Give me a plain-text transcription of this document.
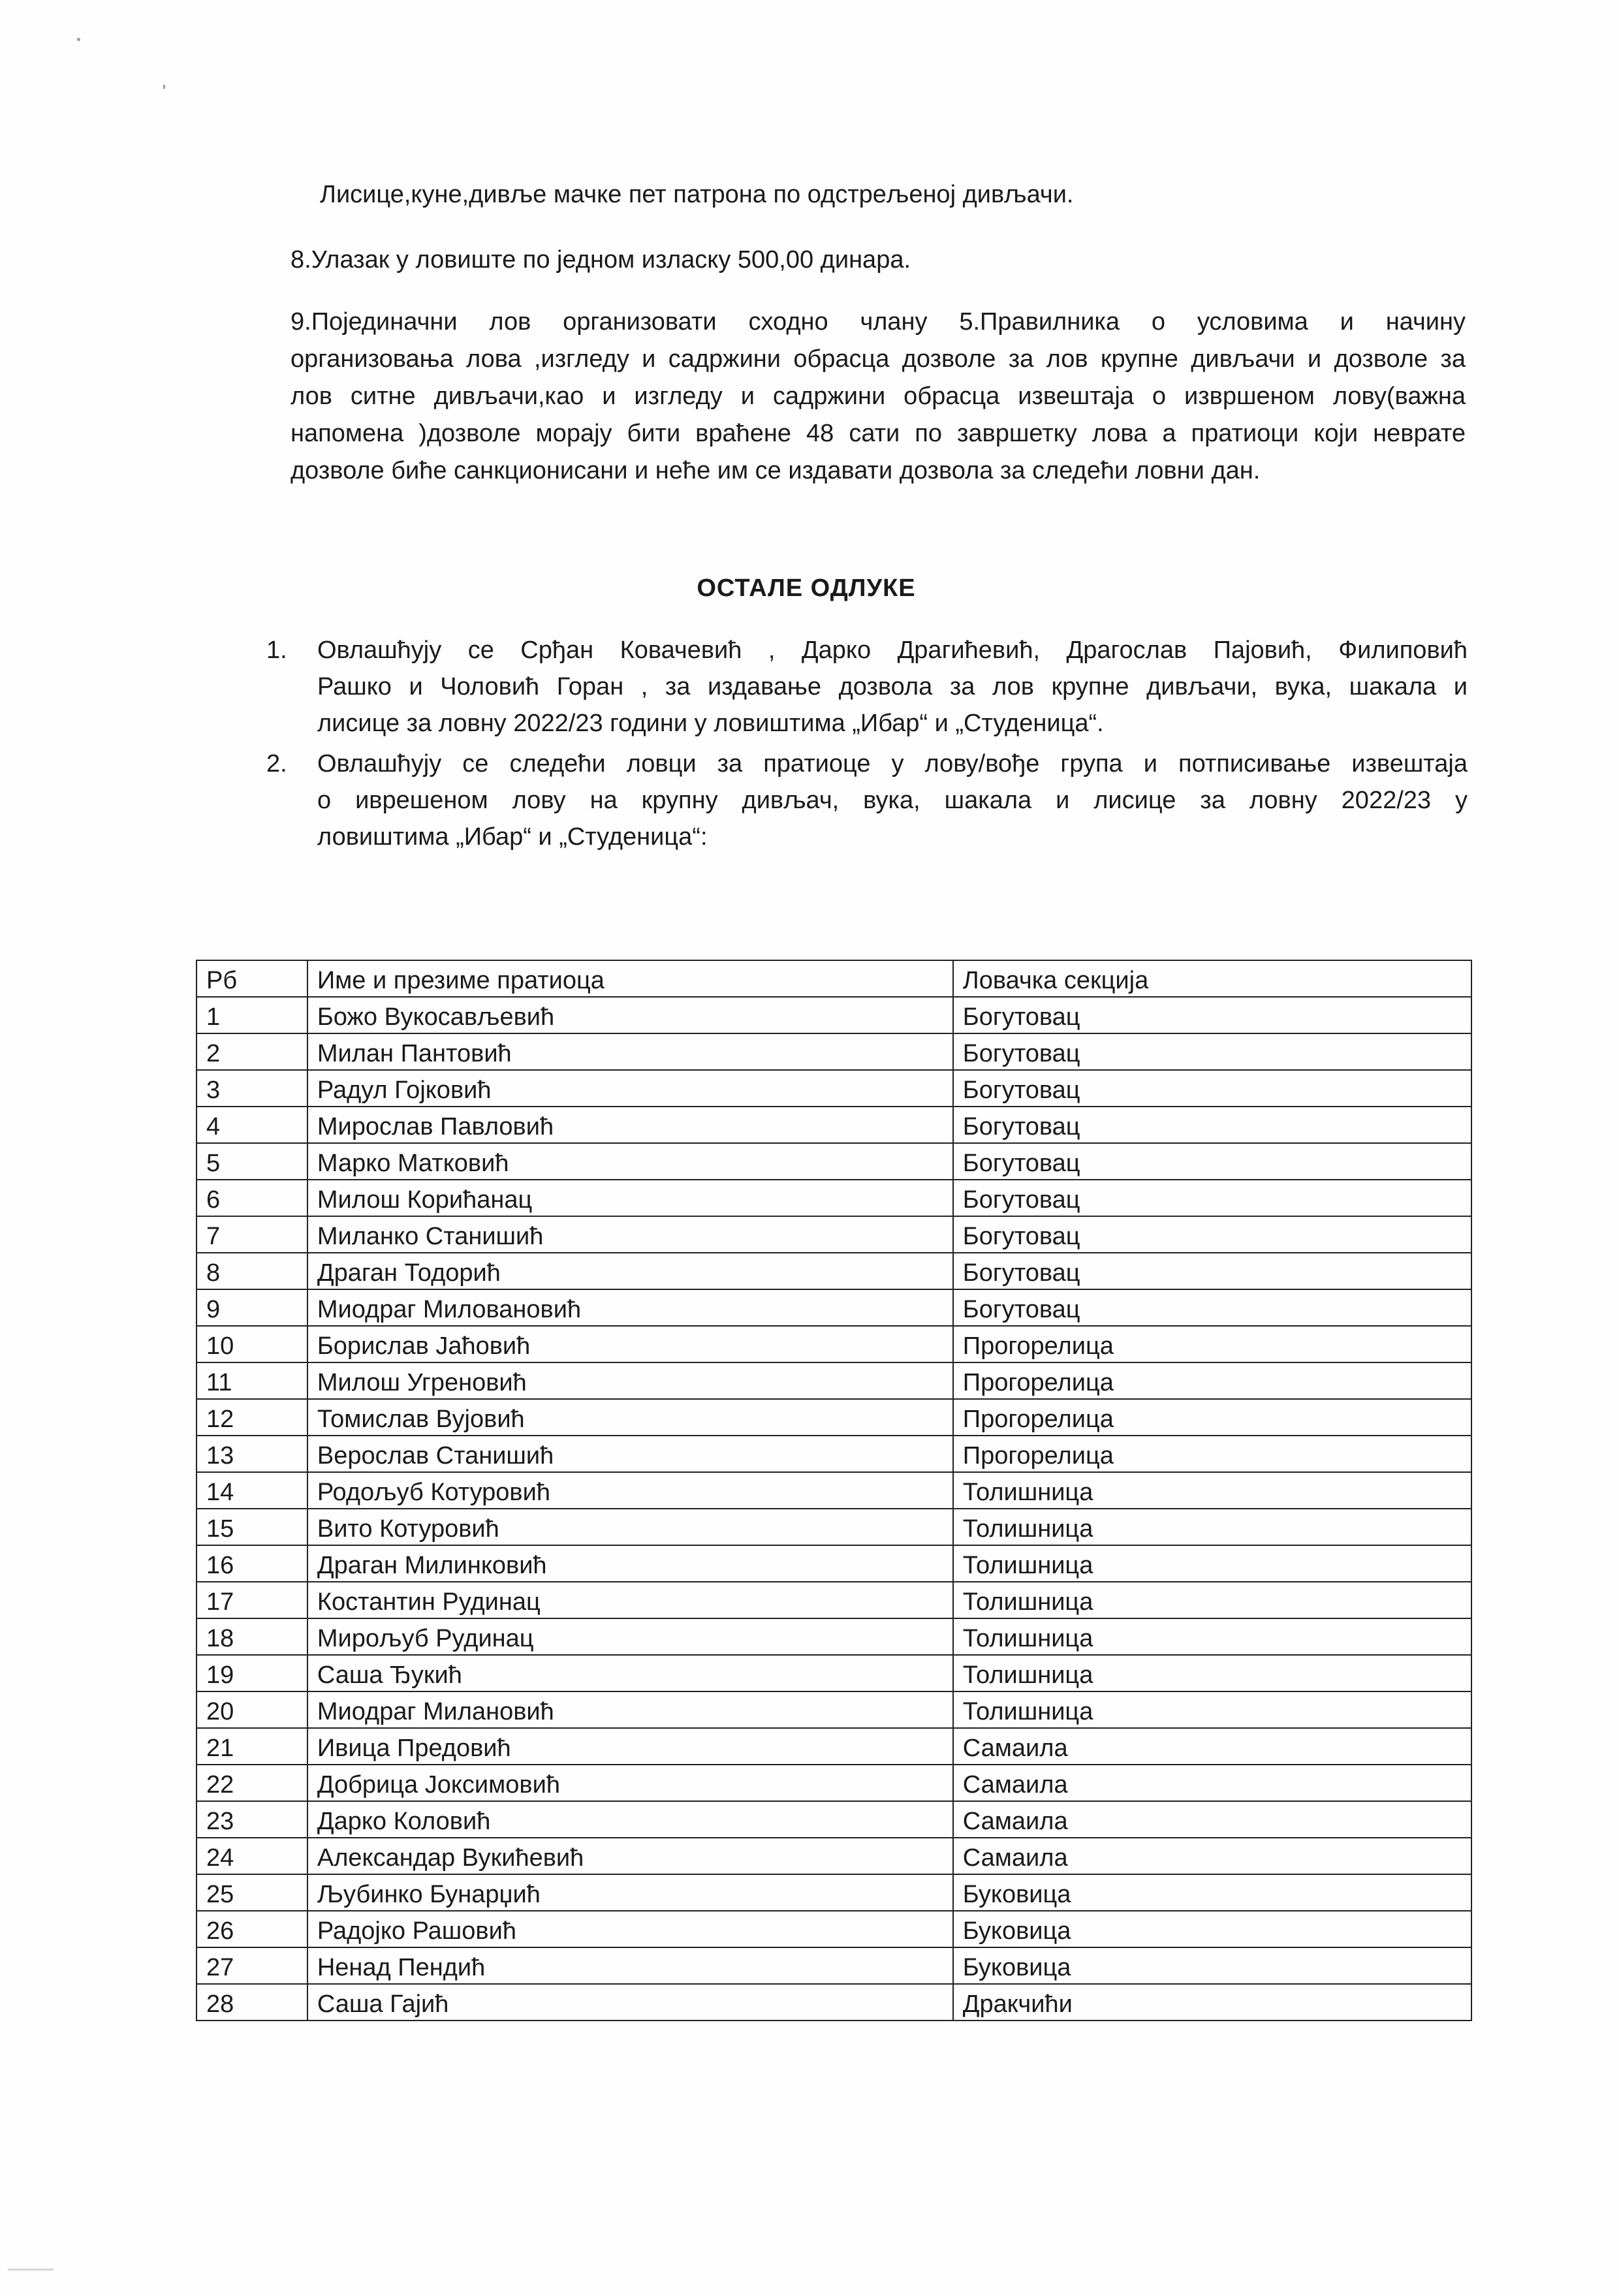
Лисице,куне,дивље мачке пет патрона по одстрељеној дивљачи.
8.Улазак у ловиште по једном изласку 500,00 динара.
9.Појединачни лов организовати сходно члану 5.Правилника о условима и начину
организовања лова ,изгледу и садржини обрасца дозволе за лов крупне дивљачи и дозволе за
лов ситне дивљачи,као и изгледу и садржини обрасца извештаја о извршеном лову(важна
напомена )дозволе морају бити враћене 48 сати по завршетку лова а пратиоци који неврате
дозволе биће санкционисани и неће им се издавати дозвола за следећи ловни дан.
ОСТАЛЕ ОДЛУКЕ
1.	Овлашћују се Срђан Ковачевић , Дарко Драгићевић, Драгослав Пајовић, Филиповић
Рашко и Чоловић Горан , за издавање дозвола за лов крупне дивљачи, вука, шакала и
лисице за ловну 2022/23 години у ловиштима „Ибар“ и „Студеница“.
2.	Овлашћују се следећи ловци за пратиоце у лову/вође група и потписивање извештаја
о иврешеном лову на крупну дивљач, вука, шакала и лисице за ловну 2022/23 у
ловиштима „Ибар“ и „Студеница“:
Рб	Име и презиме пратиоца	Ловачка секција
1	Божо Вукосављевић	Богутовац
2	Милан Пантовић	Богутовац
3	Радул Гојковић	Богутовац
4	Мирослав Павловић	Богутовац
5	Марко Матковић	Богутовац
6	Милош Корићанац	Богутовац
7	Миланко Станишић	Богутовац
8	Драган Тодорић	Богутовац
9	Миодраг Миловановић	Богутовац
10	Борислав Јаћовић	Прогорелица
11	Милош Угреновић	Прогорелица
12	Томислав Вујовић	Прогорелица
13	Верослав Станишић	Прогорелица
14	Родољуб Котуровић	Толишница
15	Вито Котуровић	Толишница
16	Драган Милинковић	Толишница
17	Костантин Рудинац	Толишница
18	Мирољуб Рудинац	Толишница
19	Саша Ђукић	Толишница
20	Миодраг Милановић	Толишница
21	Ивица Предовић	Самаила
22	Добрица Јоксимовић	Самаила
23	Дарко Коловић	Самаила
24	Александар Вукићевић	Самаила
25	Љубинко Бунарџић	Буковица
26	Радојко Рашовић	Буковица
27	Ненад Пендић	Буковица
28	Саша Гајић	Дракчићи
